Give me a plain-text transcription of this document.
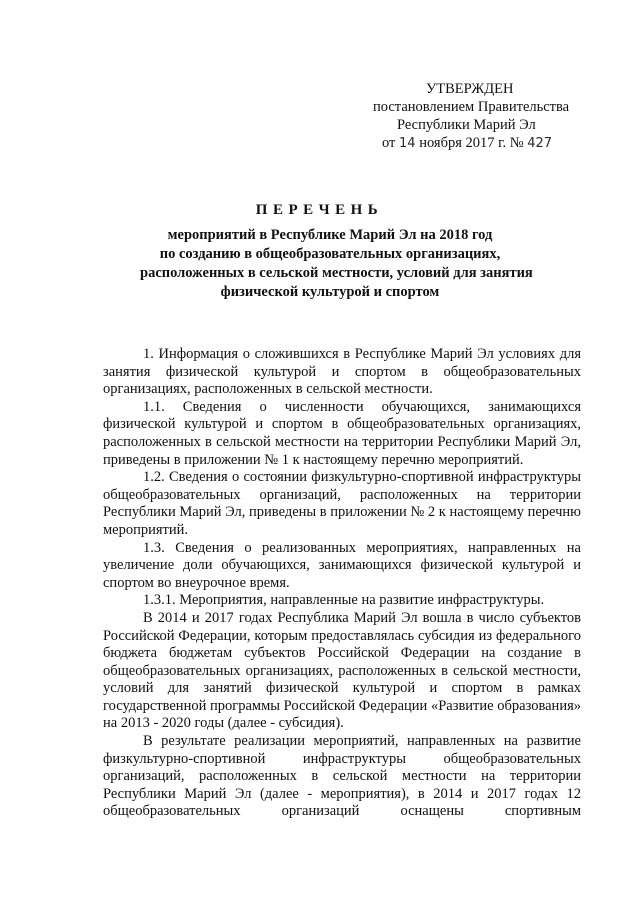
УТВЕРЖДЕН
постановлением Правительства
Республики Марий Эл
от 14 ноября 2017 г. № 427
ПЕРЕЧЕНЬ
мероприятий в Республике Марий Эл на 2018 год
по созданию в общеобразовательных организациях,
расположенных в сельской местности, условий для занятия
физической культурой и спортом

1. Информация о сложившихся в Республике Марий Эл условиях для занятия физической культурой и спортом в общеобразовательных организациях, расположенных в сельской местности.

1.1. Сведения о численности обучающихся, занимающихся физической культурой и спортом в общеобразовательных организациях, расположенных в сельской местности на территории Республики Марий Эл, приведены в приложении № 1 к настоящему перечню мероприятий.

1.2. Сведения о состоянии физкультурно-спортивной инфраструктуры общеобразовательных организаций, расположенных на территории Республики Марий Эл, приведены в приложении № 2 к настоящему перечню мероприятий.

1.3. Сведения о реализованных мероприятиях, направленных на увеличение доли обучающихся, занимающихся физической культурой и спортом во внеурочное время.

1.3.1. Мероприятия, направленные на развитие инфраструктуры.

В 2014 и 2017 годах Республика Марий Эл вошла в число субъектов Российской Федерации, которым предоставлялась субсидия из федерального бюджета бюджетам субъектов Российской Федерации на создание в общеобразовательных организациях, расположенных в сельской местности, условий для занятий физической культурой и спортом в рамках государственной программы Российской Федерации «Развитие образования» на 2013 - 2020 годы (далее - субсидия).

В результате реализации мероприятий, направленных на развитие физкультурно-спортивной инфраструктуры общеобразовательных организаций, расположенных в сельской местности на территории Республики Марий Эл (далее - мероприятия), в 2014 и 2017 годах 12 общеобразовательных организаций оснащены спортивным
